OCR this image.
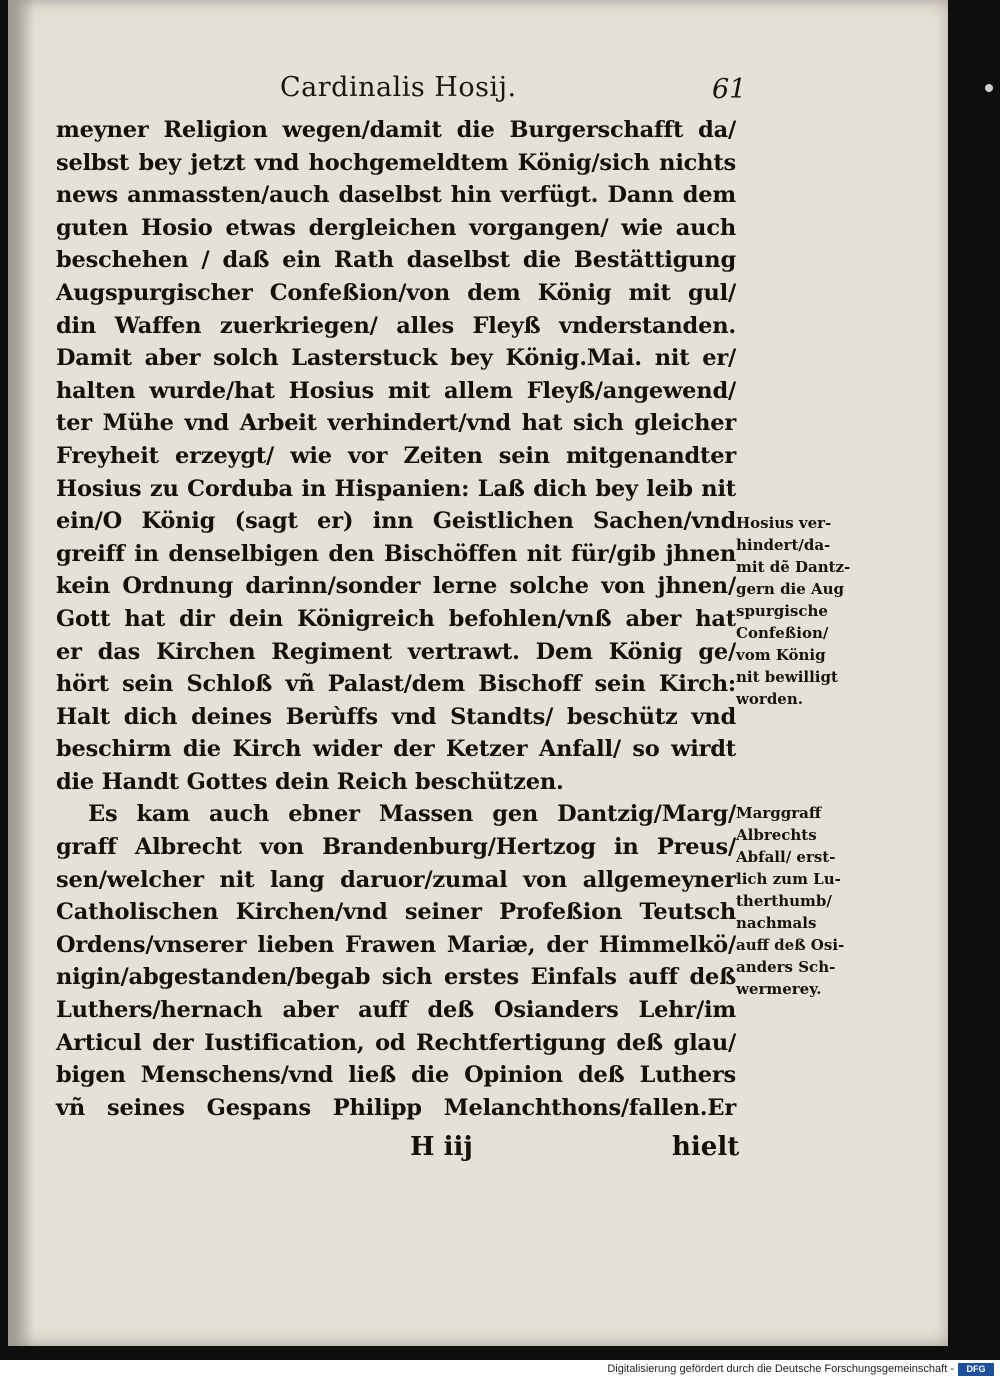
Cardinalis Hosij.	61
meyner Religion wegen/damit die Burgerschafft da/
selbst bey jetzt vnd hochgemeldtem König/sich nichts
news anmassten/auch daselbst hin verfügt. Dann dem
guten Hosio etwas dergleichen vorgangen/ wie auch
beschehen / daß ein Rath daselbst die Bestättigung
Augspurgischer Confeßion/von dem König mit gul/
din Waffen zuerkriegen/ alles Fleyß vnderstanden.
Damit aber solch Lasterstuck bey König.Mai. nit er/
halten wurde/hat Hosius mit allem Fleyß/angewend/
ter Mühe vnd Arbeit verhindert/vnd hat sich gleicher
Freyheit erzeygt/ wie vor Zeiten sein mitgenandter
Hosius zu Corduba in Hispanien: Laß dich bey leib nit
ein/O König (sagt er) inn Geistlichen Sachen/vnd
greiff in denselbigen den Bischöffen nit für/gib jhnen
kein Ordnung darinn/sonder lerne solche von jhnen/
Gott hat dir dein Königreich befohlen/vnß aber hat
er das Kirchen Regiment vertrawt. Dem König ge/
hört sein Schloß vñ Palast/dem Bischoff sein Kirch:
Halt dich deines Berùffs vnd Standts/ beschütz vnd
beschirm die Kirch wider der Ketzer Anfall/ so wirdt
die Handt Gottes dein Reich beschützen.
Es kam auch ebner Massen gen Dantzig/Marg/
graff Albrecht von Brandenburg/Hertzog in Preus/
sen/welcher nit lang daruor/zumal von allgemeyner
Catholischen Kirchen/vnd seiner Profeßion Teutsch
Ordens/vnserer lieben Frawen Mariæ, der Himmelkö/
nigin/abgestanden/begab sich erstes Einfals auff deß
Luthers/hernach aber auff deß Osianders Lehr/im
Articul der Iustification, od Rechtfertigung deß glau/
bigen Menschens/vnd ließ die Opinion deß Luthers
vñ seines Gespans Philipp Melanchthons/fallen.Er
Hosius ver-
hindert/da-
mit dẽ Dantz-
gern die Aug
spurgische
Confeßion/
vom König
nit bewilligt
worden.
Marggraff
Albrechts
Abfall/ erst-
lich zum Lu-
therthumb/
nachmals
auff deß Osi-
anders Sch-
wermerey.
H iij	hielt
Digitalisierung gefördert durch die Deutsche Forschungsgemeinschaft -	DFG
